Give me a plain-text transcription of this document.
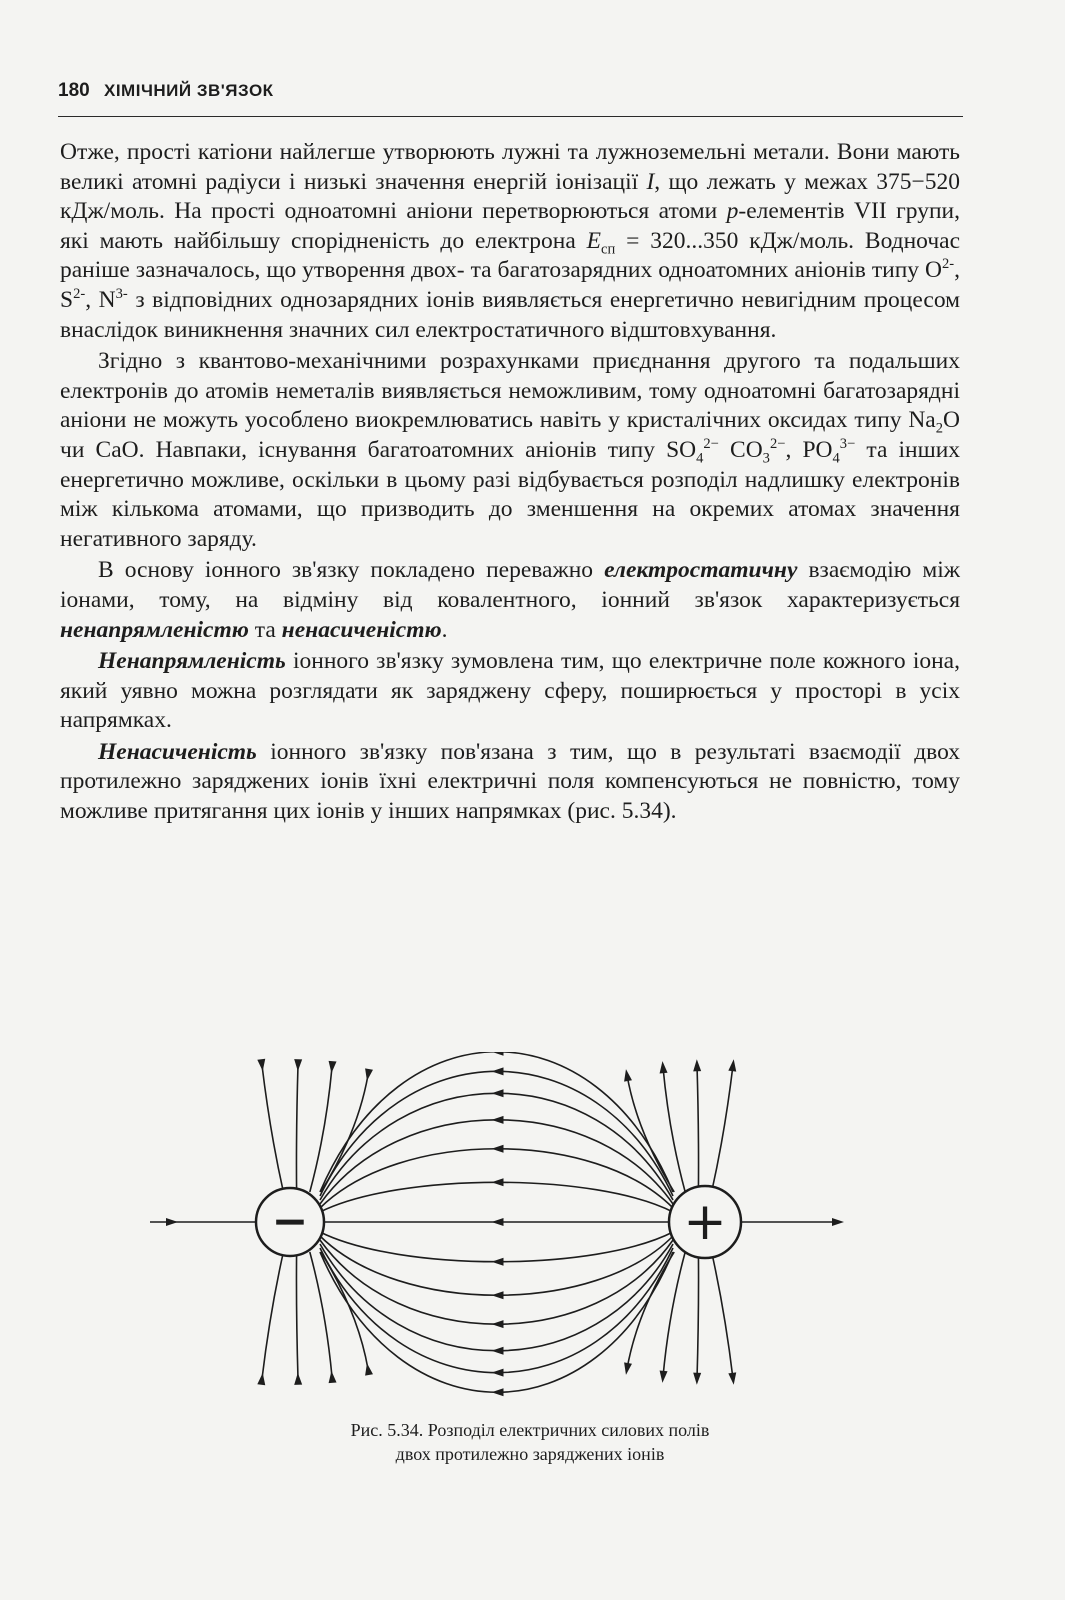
180 ХІМІЧНИЙ ЗВ'ЯЗОК

Отже, прості катіони найлегше утворюють лужні та лужноземельні метали. Вони мають великі атомні радіуси і низькі значення енергій іонізації I, що лежать у межах 375−520 кДж/моль. На прості одноатомні аніони перетворюються атоми p-елементів VII групи, які мають найбільшу спорідненість до електрона $E_{сп} = 320...350$ кДж/моль. Водночас раніше зазначалось, що утворення двох- та багатозарядних одноатомних аніонів типу $O^{2-}$, $S^{2-}$, $N^{3-}$ з відповідних однозарядних іонів виявляється енергетично невигідним процесом внаслідок виникнення значних сил електростатичного відштовхування.

Згідно з квантово-механічними розрахунками приєднання другого та подальших електронів до атомів неметалів виявляється неможливим, тому одноатомні багатозарядні аніони не можуть уособлено виокремлюватись навіть у кристалічних оксидах типу $Na_2O$ чи CaO. Навпаки, існування багатоатомних аніонів типу $SO_4^{2-}$ $CO_3^{2-}$, $PO_4^{3-}$ та інших енергетично можливе, оскільки в цьому разі відбувається розподіл надлишку електронів між кількома атомами, що призводить до зменшення на окремих атомах значення негативного заряду.

В основу іонного зв'язку покладено переважно електростатичну взаємодію між іонами, тому, на відміну від ковалентного, іонний зв'язок характеризується ненапрямленістю та ненасиченістю.

Ненапрямленість іонного зв'язку зумовлена тим, що електричне поле кожного іона, який уявно можна розглядати як заряджену сферу, поширюється у просторі в усіх напрямках.

Ненасиченість іонного зв'язку пов'язана з тим, що в результаті взаємодії двох протилежно заряджених іонів їхні електричні поля компенсуються не повністю, тому можливе притягання цих іонів у інших напрямках (рис. 5.34).

−	+
Рис. 5.34. Розподіл електричних силових полів
двох протилежно заряджених іонів
